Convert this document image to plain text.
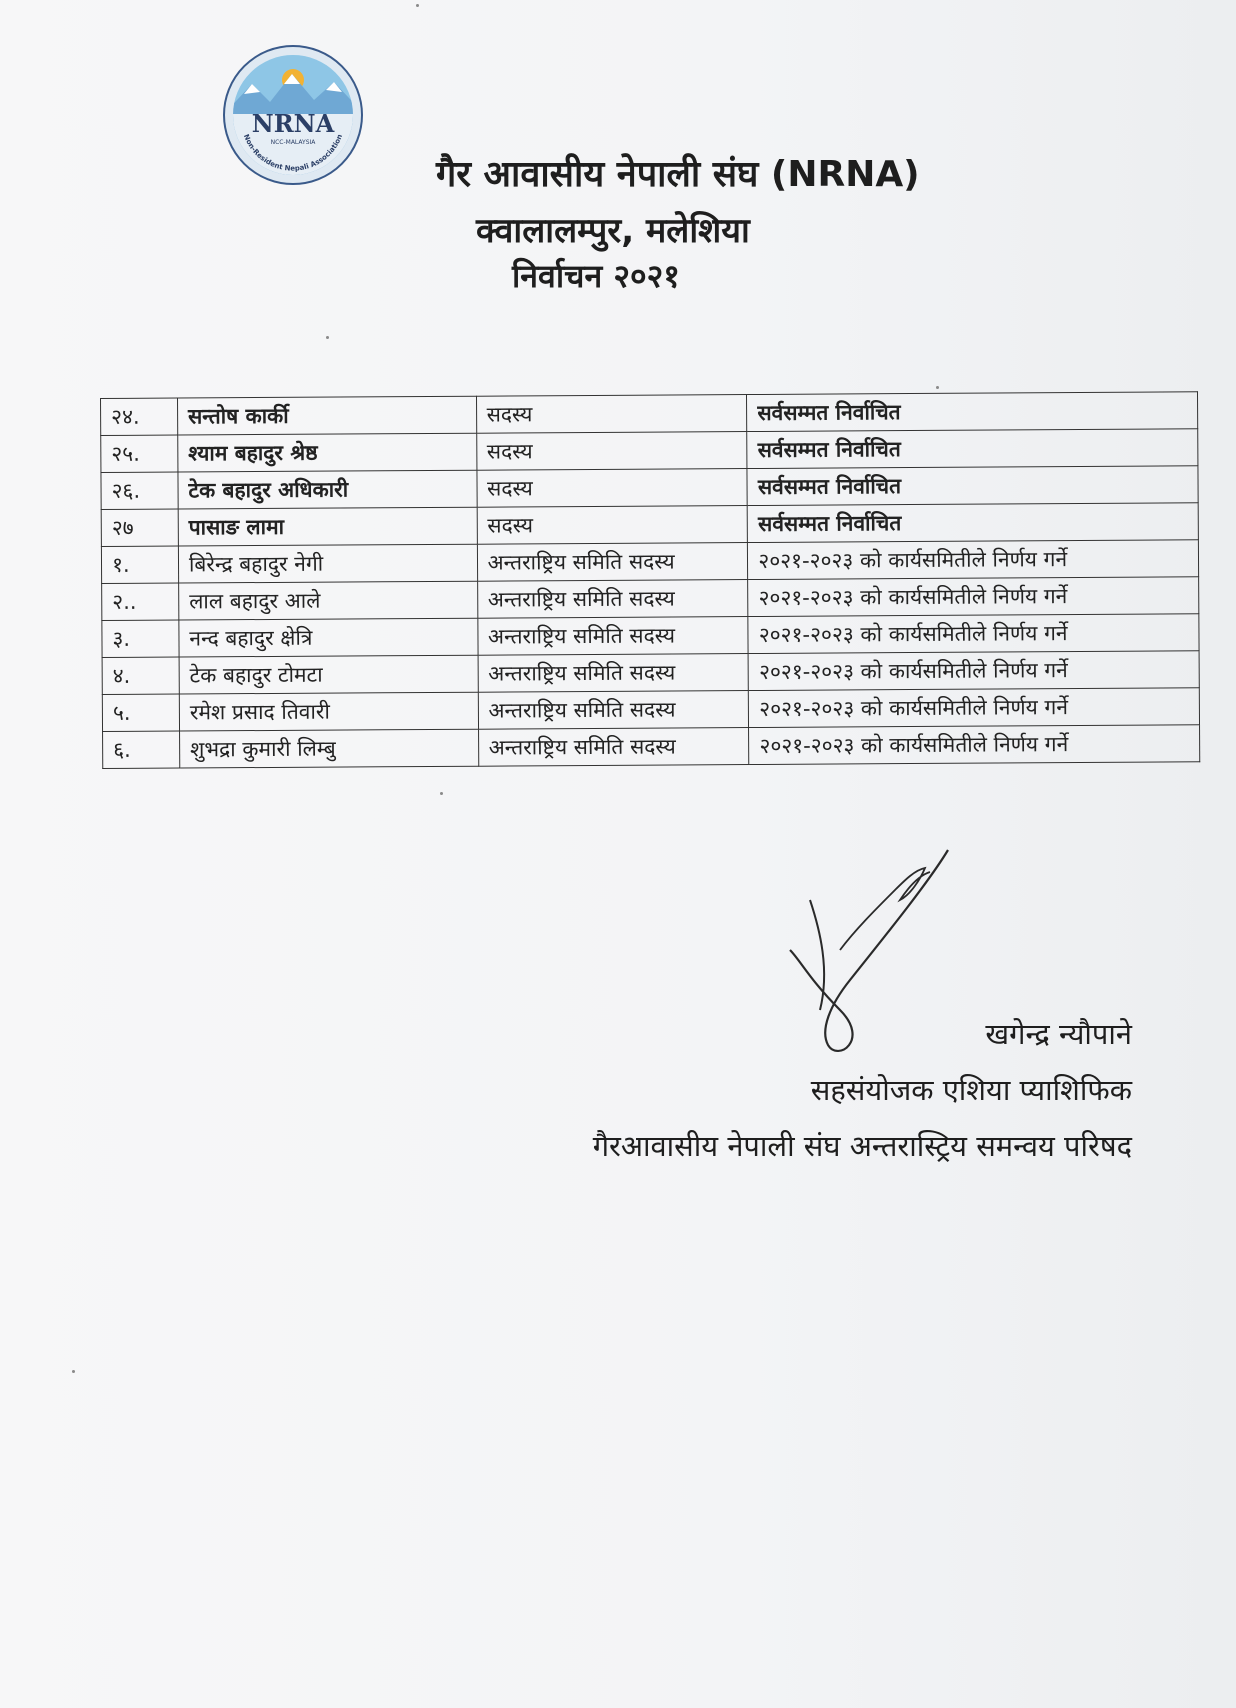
NRNA
NCC-MALAYSIA
Non-Resident Nepali Association
गैर आवासीय नेपाली संघ (NRNA)
क्वालालम्पुर, मलेशिया
निर्वाचन २०२१
२४.	सन्तोष कार्की	सदस्य	सर्वसम्मत निर्वाचित
२५.	श्याम बहादुर श्रेष्ठ	सदस्य	सर्वसम्मत निर्वाचित
२६.	टेक बहादुर अधिकारी	सदस्य	सर्वसम्मत निर्वाचित
२७	पासाङ लामा	सदस्य	सर्वसम्मत निर्वाचित
१.	बिरेन्द्र बहादुर नेगी	अन्तराष्ट्रिय समिति सदस्य	२०२१-२०२३ को कार्यसमितीले निर्णय गर्ने
२..	लाल बहादुर आले	अन्तराष्ट्रिय समिति सदस्य	२०२१-२०२३ को कार्यसमितीले निर्णय गर्ने
३.	नन्द बहादुर क्षेत्रि	अन्तराष्ट्रिय समिति सदस्य	२०२१-२०२३ को कार्यसमितीले निर्णय गर्ने
४.	टेक बहादुर टोमटा	अन्तराष्ट्रिय समिति सदस्य	२०२१-२०२३ को कार्यसमितीले निर्णय गर्ने
५.	रमेश प्रसाद तिवारी	अन्तराष्ट्रिय समिति सदस्य	२०२१-२०२३ को कार्यसमितीले निर्णय गर्ने
६.	शुभद्रा कुमारी लिम्बु	अन्तराष्ट्रिय समिति सदस्य	२०२१-२०२३ को कार्यसमितीले निर्णय गर्ने
खगेन्द्र न्यौपाने
सहसंयोजक एशिया प्याशिफिक
गैरआवासीय नेपाली संघ अन्तरास्ट्रिय समन्वय परिषद
